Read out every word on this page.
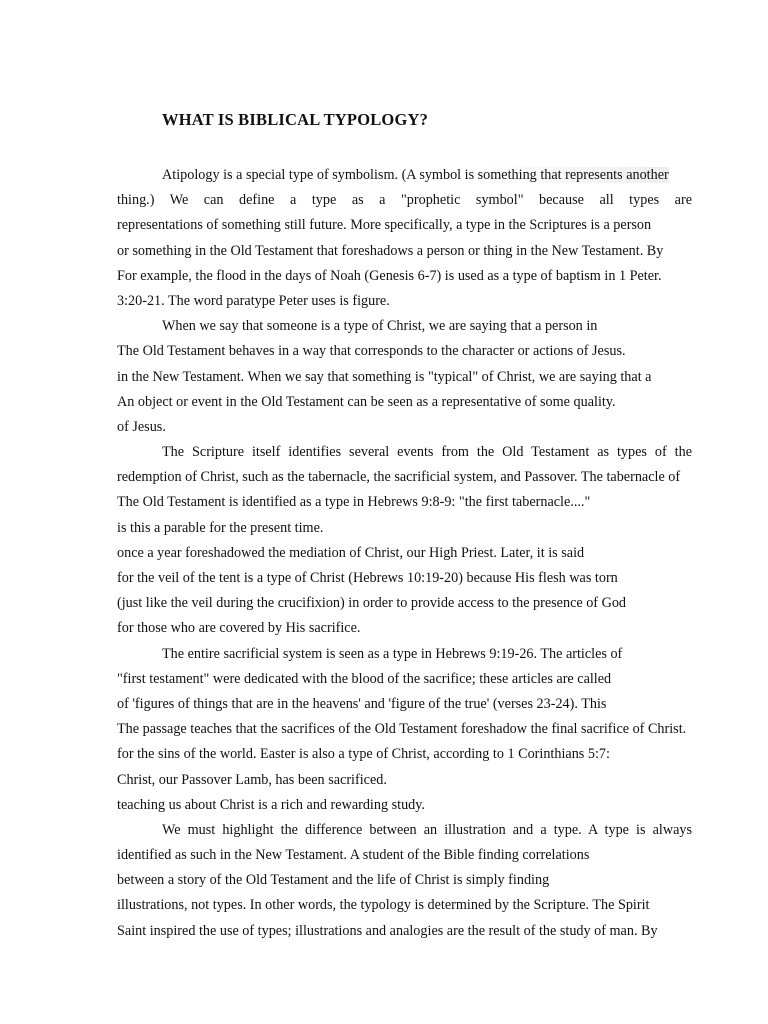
WHAT IS BIBLICAL TYPOLOGY?
Atipology is a special type of symbolism. (A symbol is something that represents another
thing.) We can define a type as a "prophetic symbol" because all types are
representations of something still future. More specifically, a type in the Scriptures is a person
or something in the Old Testament that foreshadows a person or thing in the New Testament. By
For example, the flood in the days of Noah (Genesis 6-7) is used as a type of baptism in 1 Peter.
3:20-21. The word paratype Peter uses is figure.
When we say that someone is a type of Christ, we are saying that a person in
The Old Testament behaves in a way that corresponds to the character or actions of Jesus.
in the New Testament. When we say that something is "typical" of Christ, we are saying that a
An object or event in the Old Testament can be seen as a representative of some quality.
of Jesus.
The Scripture itself identifies several events from the Old Testament as types of the
redemption of Christ, such as the tabernacle, the sacrificial system, and Passover. The tabernacle of
The Old Testament is identified as a type in Hebrews 9:8-9: "the first tabernacle...."
is this a parable for the present time.
once a year foreshadowed the mediation of Christ, our High Priest. Later, it is said
for the veil of the tent is a type of Christ (Hebrews 10:19-20) because His flesh was torn
(just like the veil during the crucifixion) in order to provide access to the presence of God
for those who are covered by His sacrifice.
The entire sacrificial system is seen as a type in Hebrews 9:19-26. The articles of
"first testament" were dedicated with the blood of the sacrifice; these articles are called
of 'figures of things that are in the heavens' and 'figure of the true' (verses 23-24). This
The passage teaches that the sacrifices of the Old Testament foreshadow the final sacrifice of Christ.
for the sins of the world. Easter is also a type of Christ, according to 1 Corinthians 5:7:
Christ, our Passover Lamb, has been sacrificed.
teaching us about Christ is a rich and rewarding study.
We must highlight the difference between an illustration and a type. A type is always
identified as such in the New Testament. A student of the Bible finding correlations
between a story of the Old Testament and the life of Christ is simply finding
illustrations, not types. In other words, the typology is determined by the Scripture. The Spirit
Saint inspired the use of types; illustrations and analogies are the result of the study of man. By
